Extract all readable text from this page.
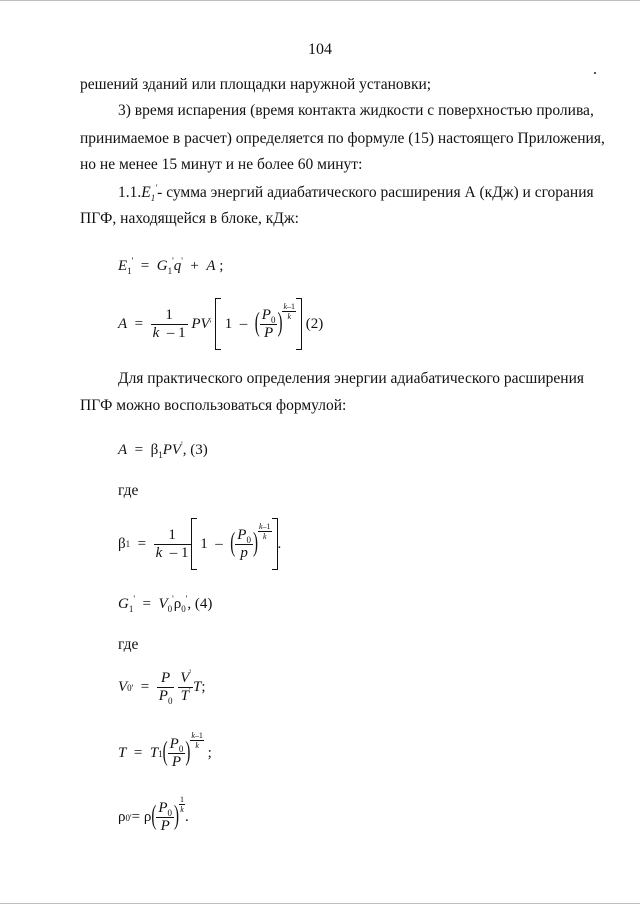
104
решений зданий или площадки наружной установки;
3) время испарения (время контакта жидкости с поверхностью пролива,
принимаемое в расчет) определяется по формуле (15) настоящего Приложения,
но не менее 15 минут и не более 60 минут:
1.1. $E_1'$ - сумма энергий адиабатического расширения А (кДж) и сгорания
ПГФ, находящейся в блоке, кДж:
$E_1' = G_1'q' + A$ ;
$A = \frac{1}{k - 1}$
PV '
1  – ( $\frac{P_0}{P}$ ) $\frac{k-1}{k}$

(2)
Для практического определения энергии адиабатического расширения
ПГФ можно воспользоваться формулой:
$A = \beta_1PV'$, (3)
где
β $1 = \frac{1}{k - 1} 1$  – ( $\frac{P_0}{p}$ ) $\frac{k-1}{k}$
.
$G_1' = V_0'\rho_0'$, (4)
где
V 0 ' = $\frac{P}{P_0}$
$\frac{V'}{T'}$ T ;
T = T 1 ( $\frac{P_0}{P}$ ) $\frac{k-1}{k}$
;
ρ 0 ' = ρ ( $\frac{P_0}{P}$ ) $\frac{1}{k}$
.
